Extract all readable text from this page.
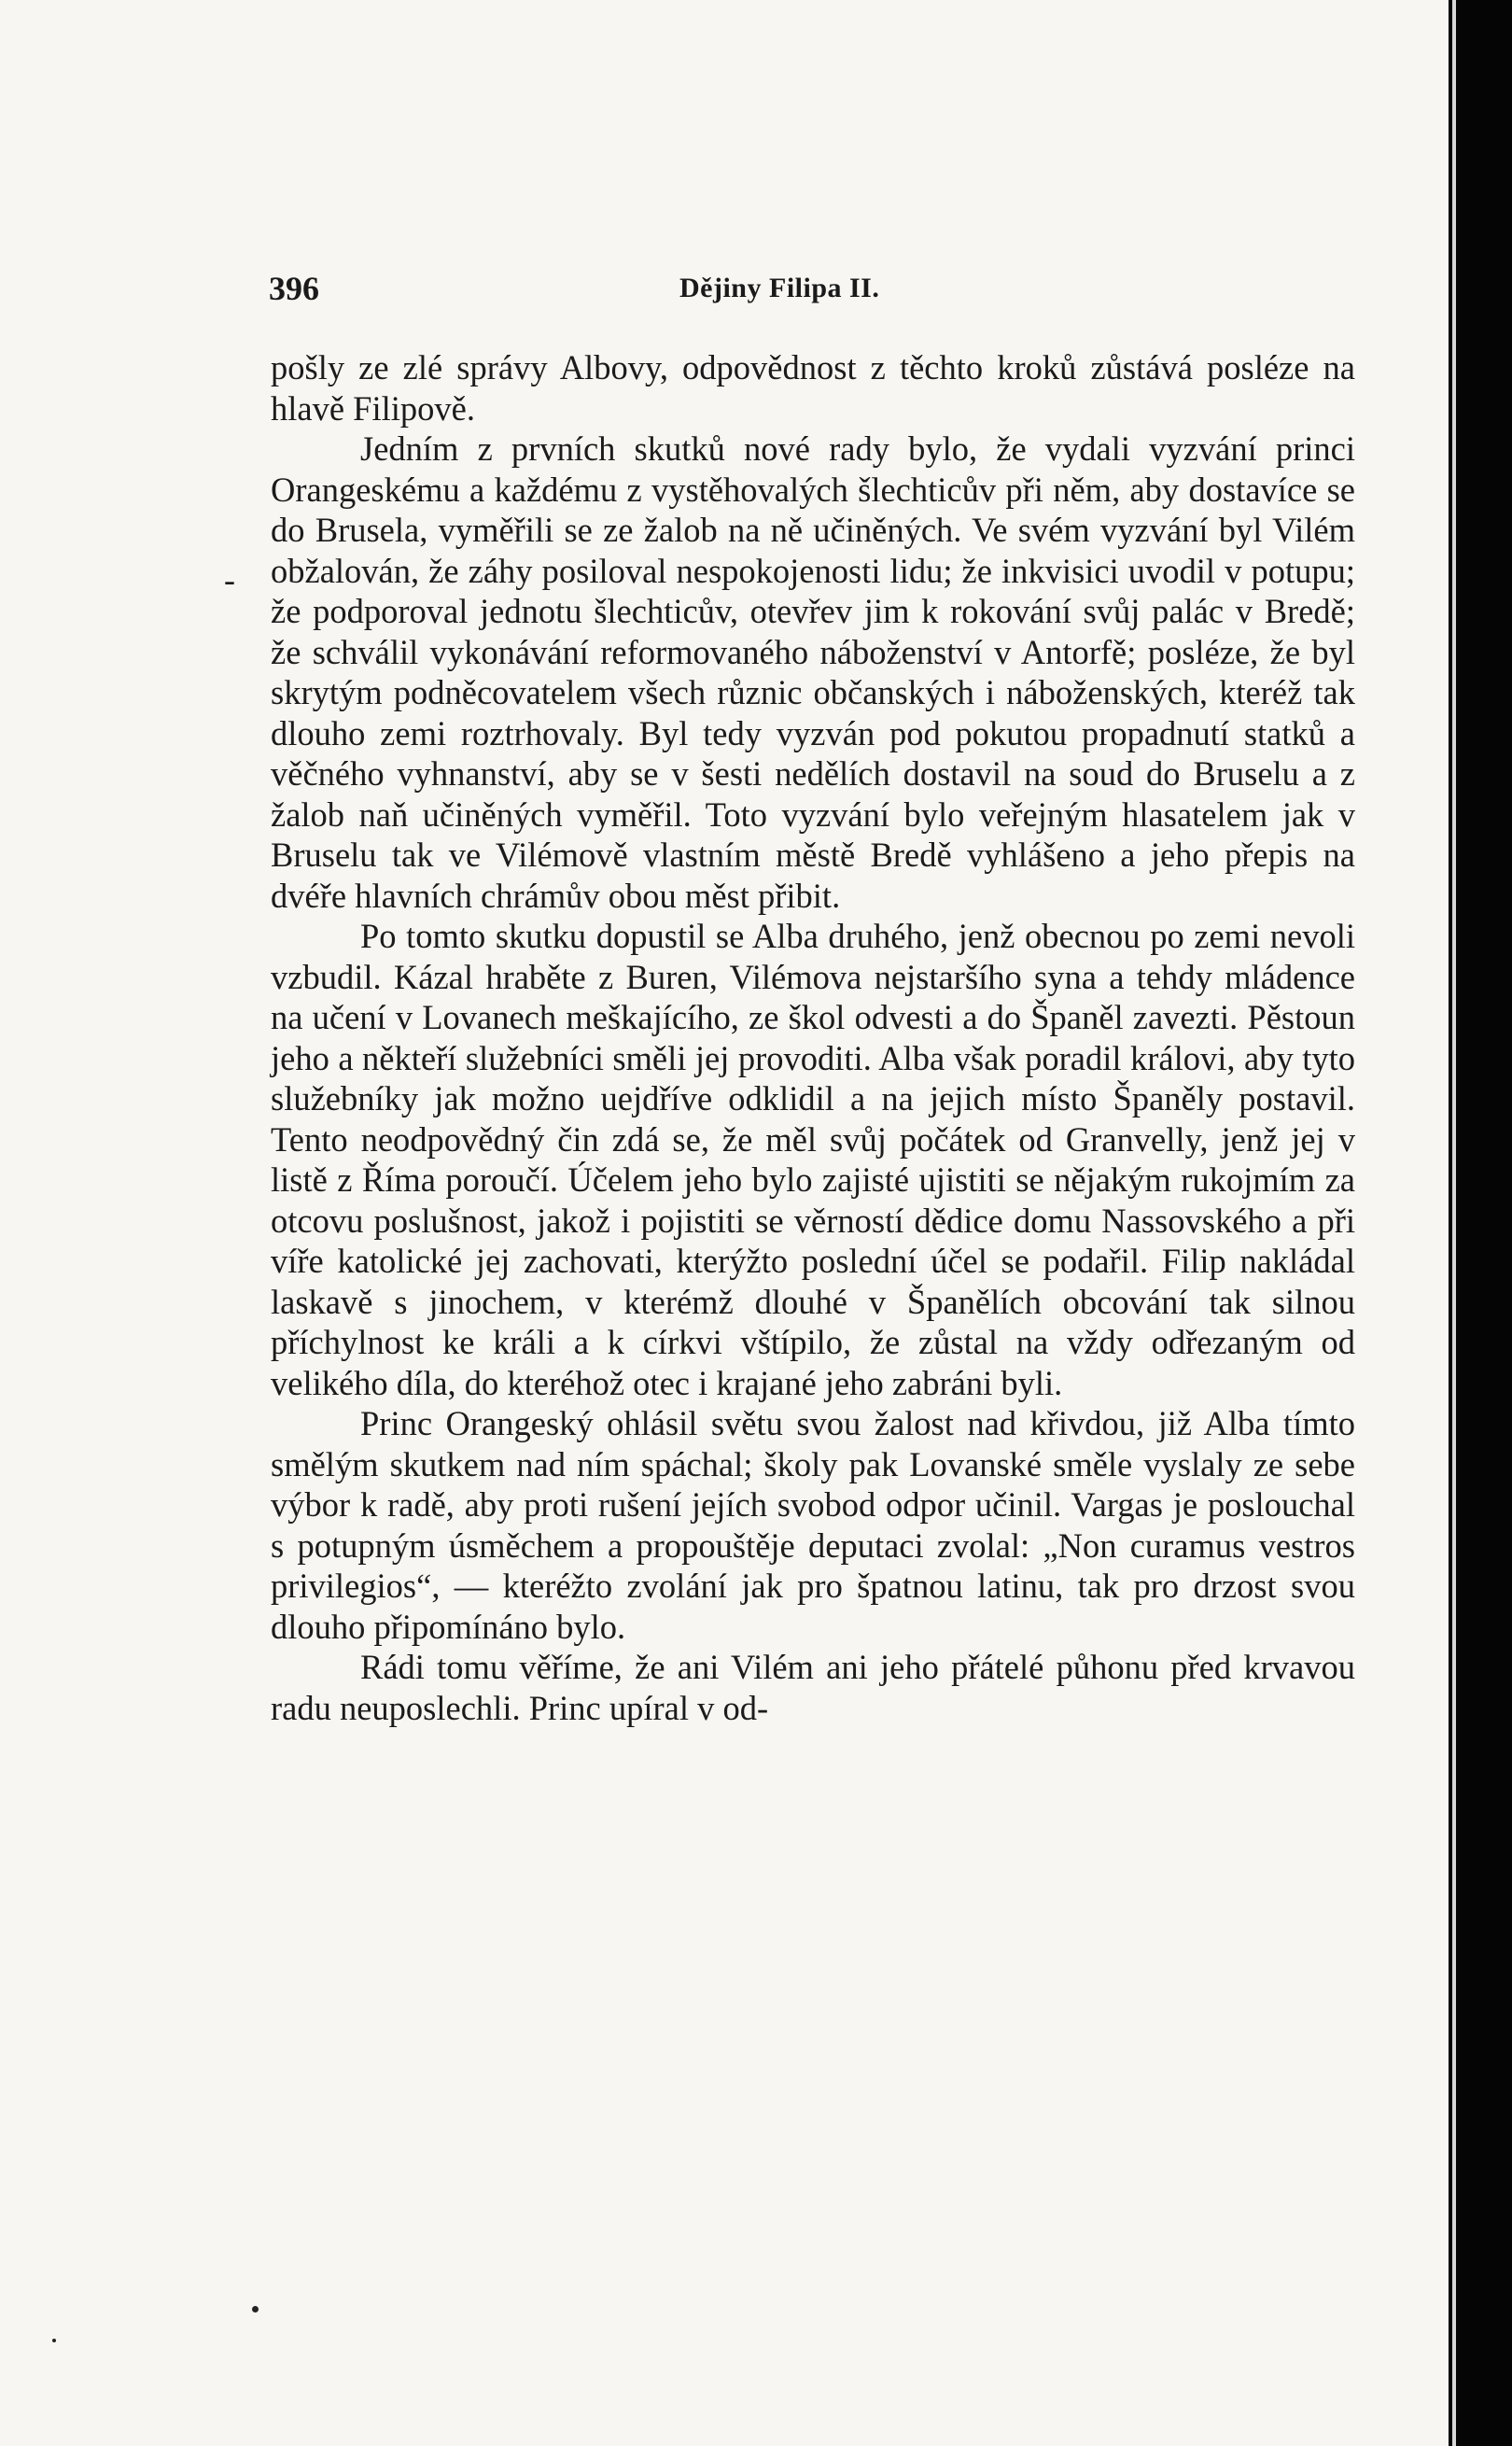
396	Dějiny Filipa II.
-

pošly ze zlé správy Albovy, odpovědnost z těchto kroků zůstává posléze na hlavě Filipově.

Jedním z prvních skutků nové rady bylo, že vydali vyzvání princi Orangeskému a každému z vystěhovalých šlechticův při něm, aby dostavíce se do Brusela, vyměřili se ze žalob na ně učiněných. Ve svém vyzvání byl Vilém obžalován, že záhy posiloval nespokojenosti lidu; že inkvisici uvodil v potupu; že podporoval jednotu šlechticův, otevřev jim k rokování svůj palác v Bredě; že schválil vykonávání reformovaného náboženství v Antorfě; posléze, že byl skrytým podněcovatelem všech různic občanských i náboženských, kteréž tak dlouho zemi roztrhovaly. Byl tedy vyzván pod pokutou propadnutí statků a věčného vyhnanství, aby se v šesti nedělích dostavil na soud do Bruselu a z žalob naň učiněných vyměřil. Toto vyzvání bylo veřejným hlasatelem jak v Bruselu tak ve Vilémově vlastním městě Bredě vyhlášeno a jeho přepis na dvéře hlavních chrámův obou měst přibit.

Po tomto skutku dopustil se Alba druhého, jenž obecnou po zemi nevoli vzbudil. Kázal hraběte z Buren, Vilémova nejstaršího syna a tehdy mládence na učení v Lovanech meškajícího, ze škol odvesti a do Španěl zavezti. Pěstoun jeho a někteří služebníci směli jej provoditi. Alba však poradil královi, aby tyto služebníky jak možno uejdříve odklidil a na jejich místo Španěly postavil. Tento neodpovědný čin zdá se, že měl svůj počátek od Granvelly, jenž jej v listě z Říma poroučí. Účelem jeho bylo zajisté ujistiti se nějakým rukojmím za otcovu poslušnost, jakož i pojistiti se věrností dědice domu Nassovského a při víře katolické jej zachovati, kterýžto poslední účel se podařil. Filip nakládal laskavě s jinochem, v kterémž dlouhé v Španělích obcování tak silnou příchylnost ke králi a k církvi vštípilo, že zůstal na vždy odřezaným od velikého díla, do kteréhož otec i krajané jeho zabráni byli.

Princ Orangeský ohlásil světu svou žalost nad křivdou, již Alba tímto smělým skutkem nad ním spáchal; školy pak Lovanské směle vyslaly ze sebe výbor k radě, aby proti rušení jejích svobod odpor učinil. Vargas je poslouchal s potupným úsměchem a propouštěje deputaci zvolal: „Non curamus vestros privilegios“, — kteréžto zvolání jak pro špatnou latinu, tak pro drzost svou dlouho připomínáno bylo.

Rádi tomu věříme, že ani Vilém ani jeho přátelé půhonu před krvavou radu neuposlechli. Princ upíral v od-
